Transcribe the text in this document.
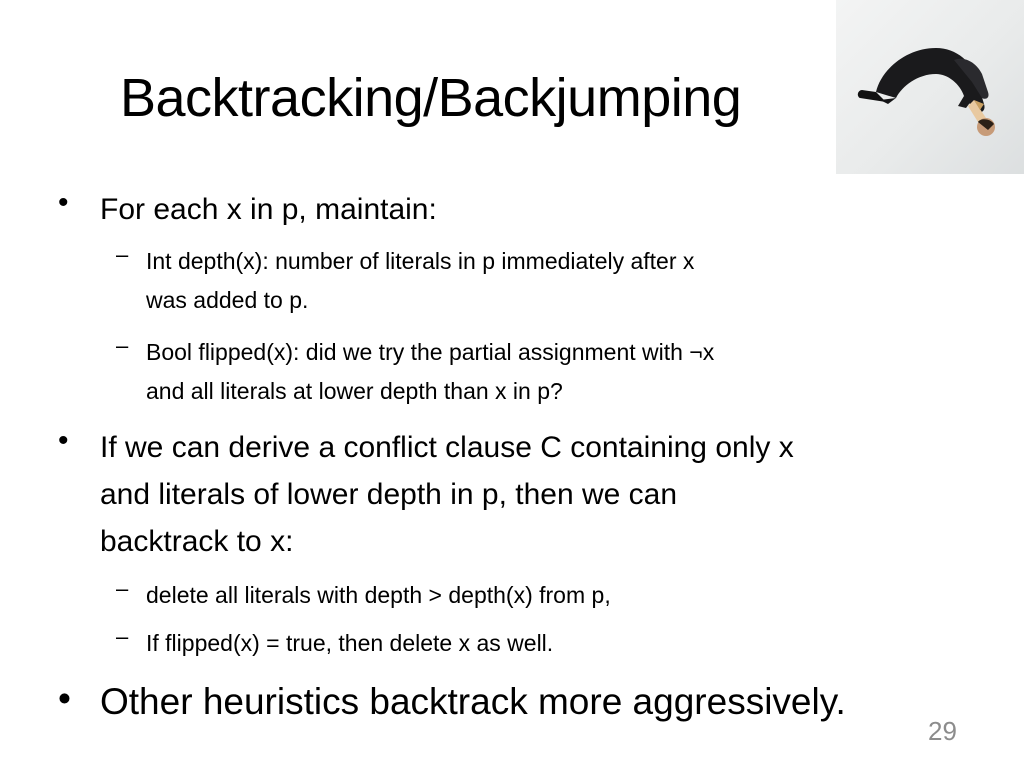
Backtracking/Backjumping
• For each x in p, maintain:
– Int depth(x): number of literals in p immediately after x
was added to p.
– Bool flipped(x): did we try the partial assignment with ¬x
and all literals at lower depth than x in p?
• If we can derive a conflict clause C containing only x
and literals of lower depth in p, then we can
backtrack to x:
– delete all literals with depth > depth(x) from p,
– If flipped(x) = true, then delete x as well.
• Other heuristics backtrack more aggressively.
29
